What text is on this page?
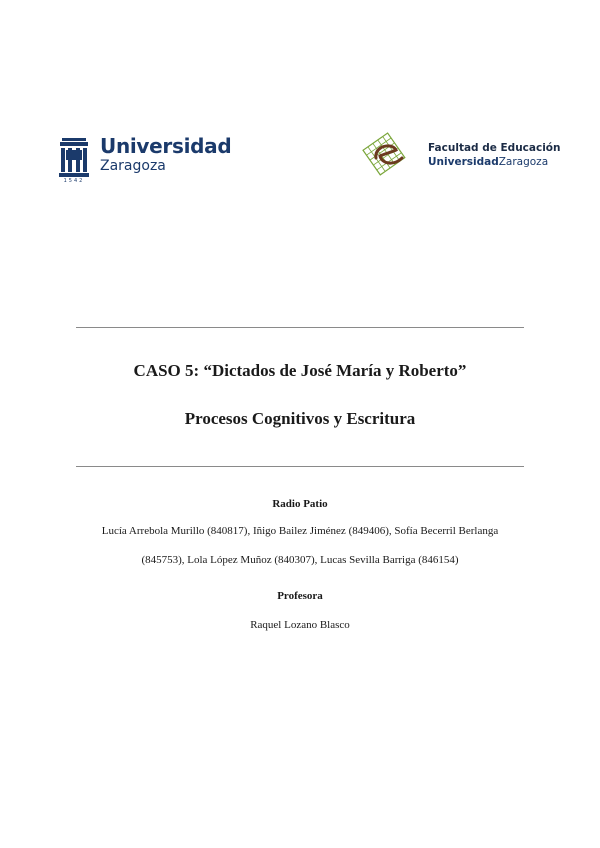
1542
Universidad
Zaragoza
Facultad de Educación
UniversidadZaragoza
CASO 5: “Dictados de José María y Roberto”
Procesos Cognitivos y Escritura
Radio Patio
Lucía Arrebola Murillo (840817), Iñigo Bailez Jiménez (849406), Sofía Becerril Berlanga
(845753), Lola López Muñoz (840307), Lucas Sevilla Barriga (846154)
Profesora
Raquel Lozano Blasco
